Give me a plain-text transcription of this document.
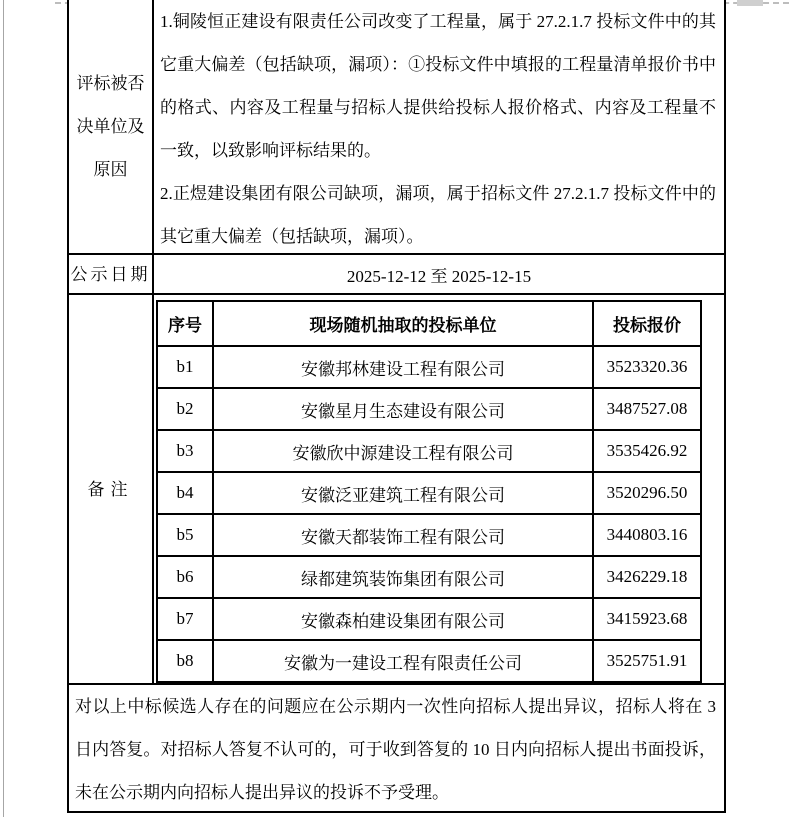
评标被否决单位及原因
1.铜陵恒正建设有限责任公司改变了工程量，属于 27.2.1.7 投标文件中的其它重大偏差（包括缺项，漏项）：①投标文件中填报的工程量清单报价书中的格式、内容及工程量与招标人提供给投标人报价格式、内容及工程量不一致，以致影响评标结果的。
2.正煜建设集团有限公司缺项，漏项，属于招标文件 27.2.1.7 投标文件中的其它重大偏差（包括缺项，漏项）。
公示日期	2025-12-12 至 2025-12-15
备注
序号	现场随机抽取的投标单位	投标报价
b1	安徽邦林建设工程有限公司	3523320.36
b2	安徽星月生态建设有限公司	3487527.08
b3	安徽欣中源建设工程有限公司	3535426.92
b4	安徽泛亚建筑工程有限公司	3520296.50
b5	安徽天都装饰工程有限公司	3440803.16
b6	绿都建筑装饰集团有限公司	3426229.18
b7	安徽森柏建设集团有限公司	3415923.68
b8	安徽为一建设工程有限责任公司	3525751.91
对以上中标候选人存在的问题应在公示期内一次性向招标人提出异议，招标人将在 3 日内答复。对招标人答复不认可的，可于收到答复的 10 日内向招标人提出书面投诉，未在公示期内向招标人提出异议的投诉不予受理。
